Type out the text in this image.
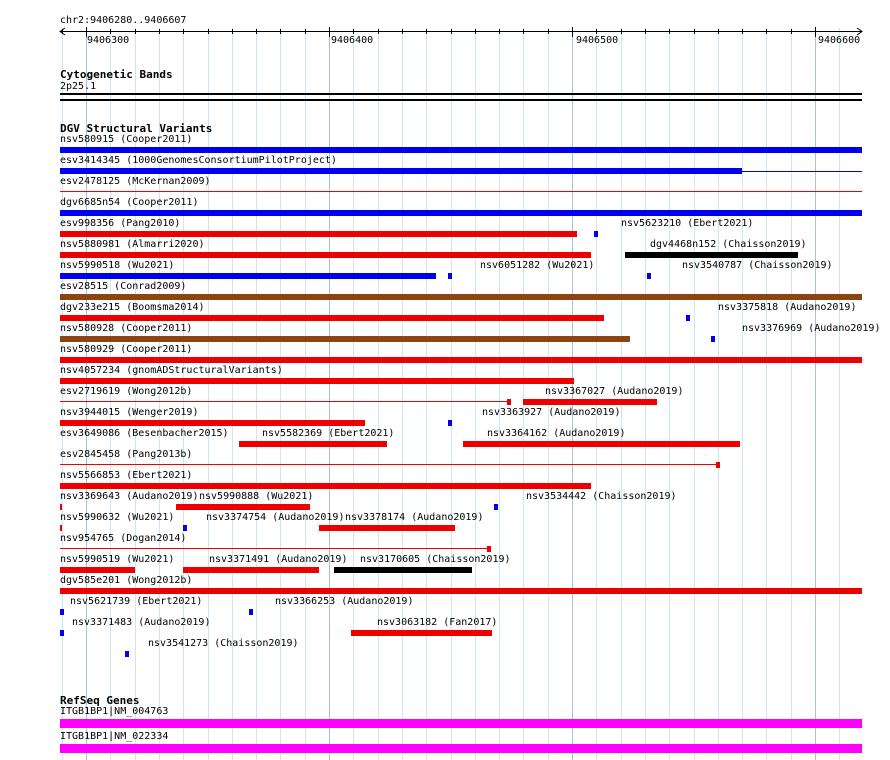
chr2:9406280..9406607
9406300	9406400	9406500	9406600
Cytogenetic Bands
2p25.1
DGV Structural Variants
nsv580915 (Cooper2011)
esv3414345 (1000GenomesConsortiumPilotProject)
esv2478125 (McKernan2009)
dgv6685n54 (Cooper2011)
esv998356 (Pang2010)	nsv5623210 (Ebert2021)
nsv5880981 (Almarri2020)	dgv4468n152 (Chaisson2019)
nsv5990518 (Wu2021)	nsv6051282 (Wu2021)	nsv3540787 (Chaisson2019)
esv28515 (Conrad2009)
dgv233e215 (Boomsma2014)	nsv3375818 (Audano2019)
nsv580928 (Cooper2011)	nsv3376969 (Audano2019)
nsv580929 (Cooper2011)
nsv4057234 (gnomADStructuralVariants)
esv2719619 (Wong2012b)	nsv3367027 (Audano2019)
nsv3944015 (Wenger2019)	nsv3363927 (Audano2019)
esv3649086 (Besenbacher2015)	nsv5582369 (Ebert2021)	nsv3364162 (Audano2019)
esv2845458 (Pang2013b)
nsv5566853 (Ebert2021)
nsv3369643 (Audano2019) nsv5990888 (Wu2021)	nsv3534442 (Chaisson2019)
nsv5990632 (Wu2021)	nsv3374754 (Audano2019) nsv3378174 (Audano2019)
nsv954765 (Dogan2014)
nsv5990519 (Wu2021)	nsv3371491 (Audano2019) nsv3170605 (Chaisson2019)
dgv585e201 (Wong2012b)
nsv5621739 (Ebert2021)	nsv3366253 (Audano2019)
nsv3371483 (Audano2019)	nsv3063182 (Fan2017)
nsv3541273 (Chaisson2019)
RefSeq Genes
ITGB1BP1|NM_004763
ITGB1BP1|NM_022334
